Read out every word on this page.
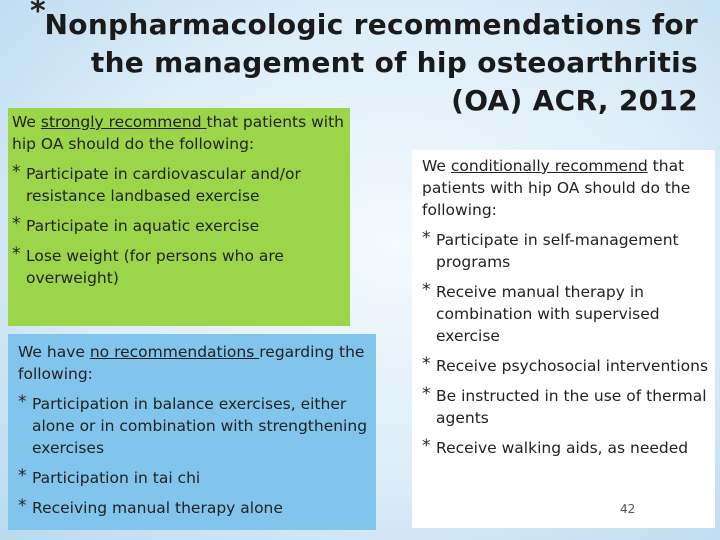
*
Nonpharmacologic recommendations for the management of hip osteoarthritis (OA) ACR, 2012
We strongly recommend that patients with hip OA should do the following:
* Participate in cardiovascular and/or resistance landbased exercise
* Participate in aquatic exercise
* Lose weight (for persons who are overweight)
We have no recommendations regarding the following:
* Participation in balance exercises, either alone or in combination with strengthening exercises
* Participation in tai chi
* Receiving manual therapy alone
We conditionally recommend that patients with hip OA should do the following:
* Participate in self-management programs
* Receive manual therapy in combination with supervised exercise
* Receive psychosocial interventions
* Be instructed in the use of thermal agents
* Receive walking aids, as needed
42
